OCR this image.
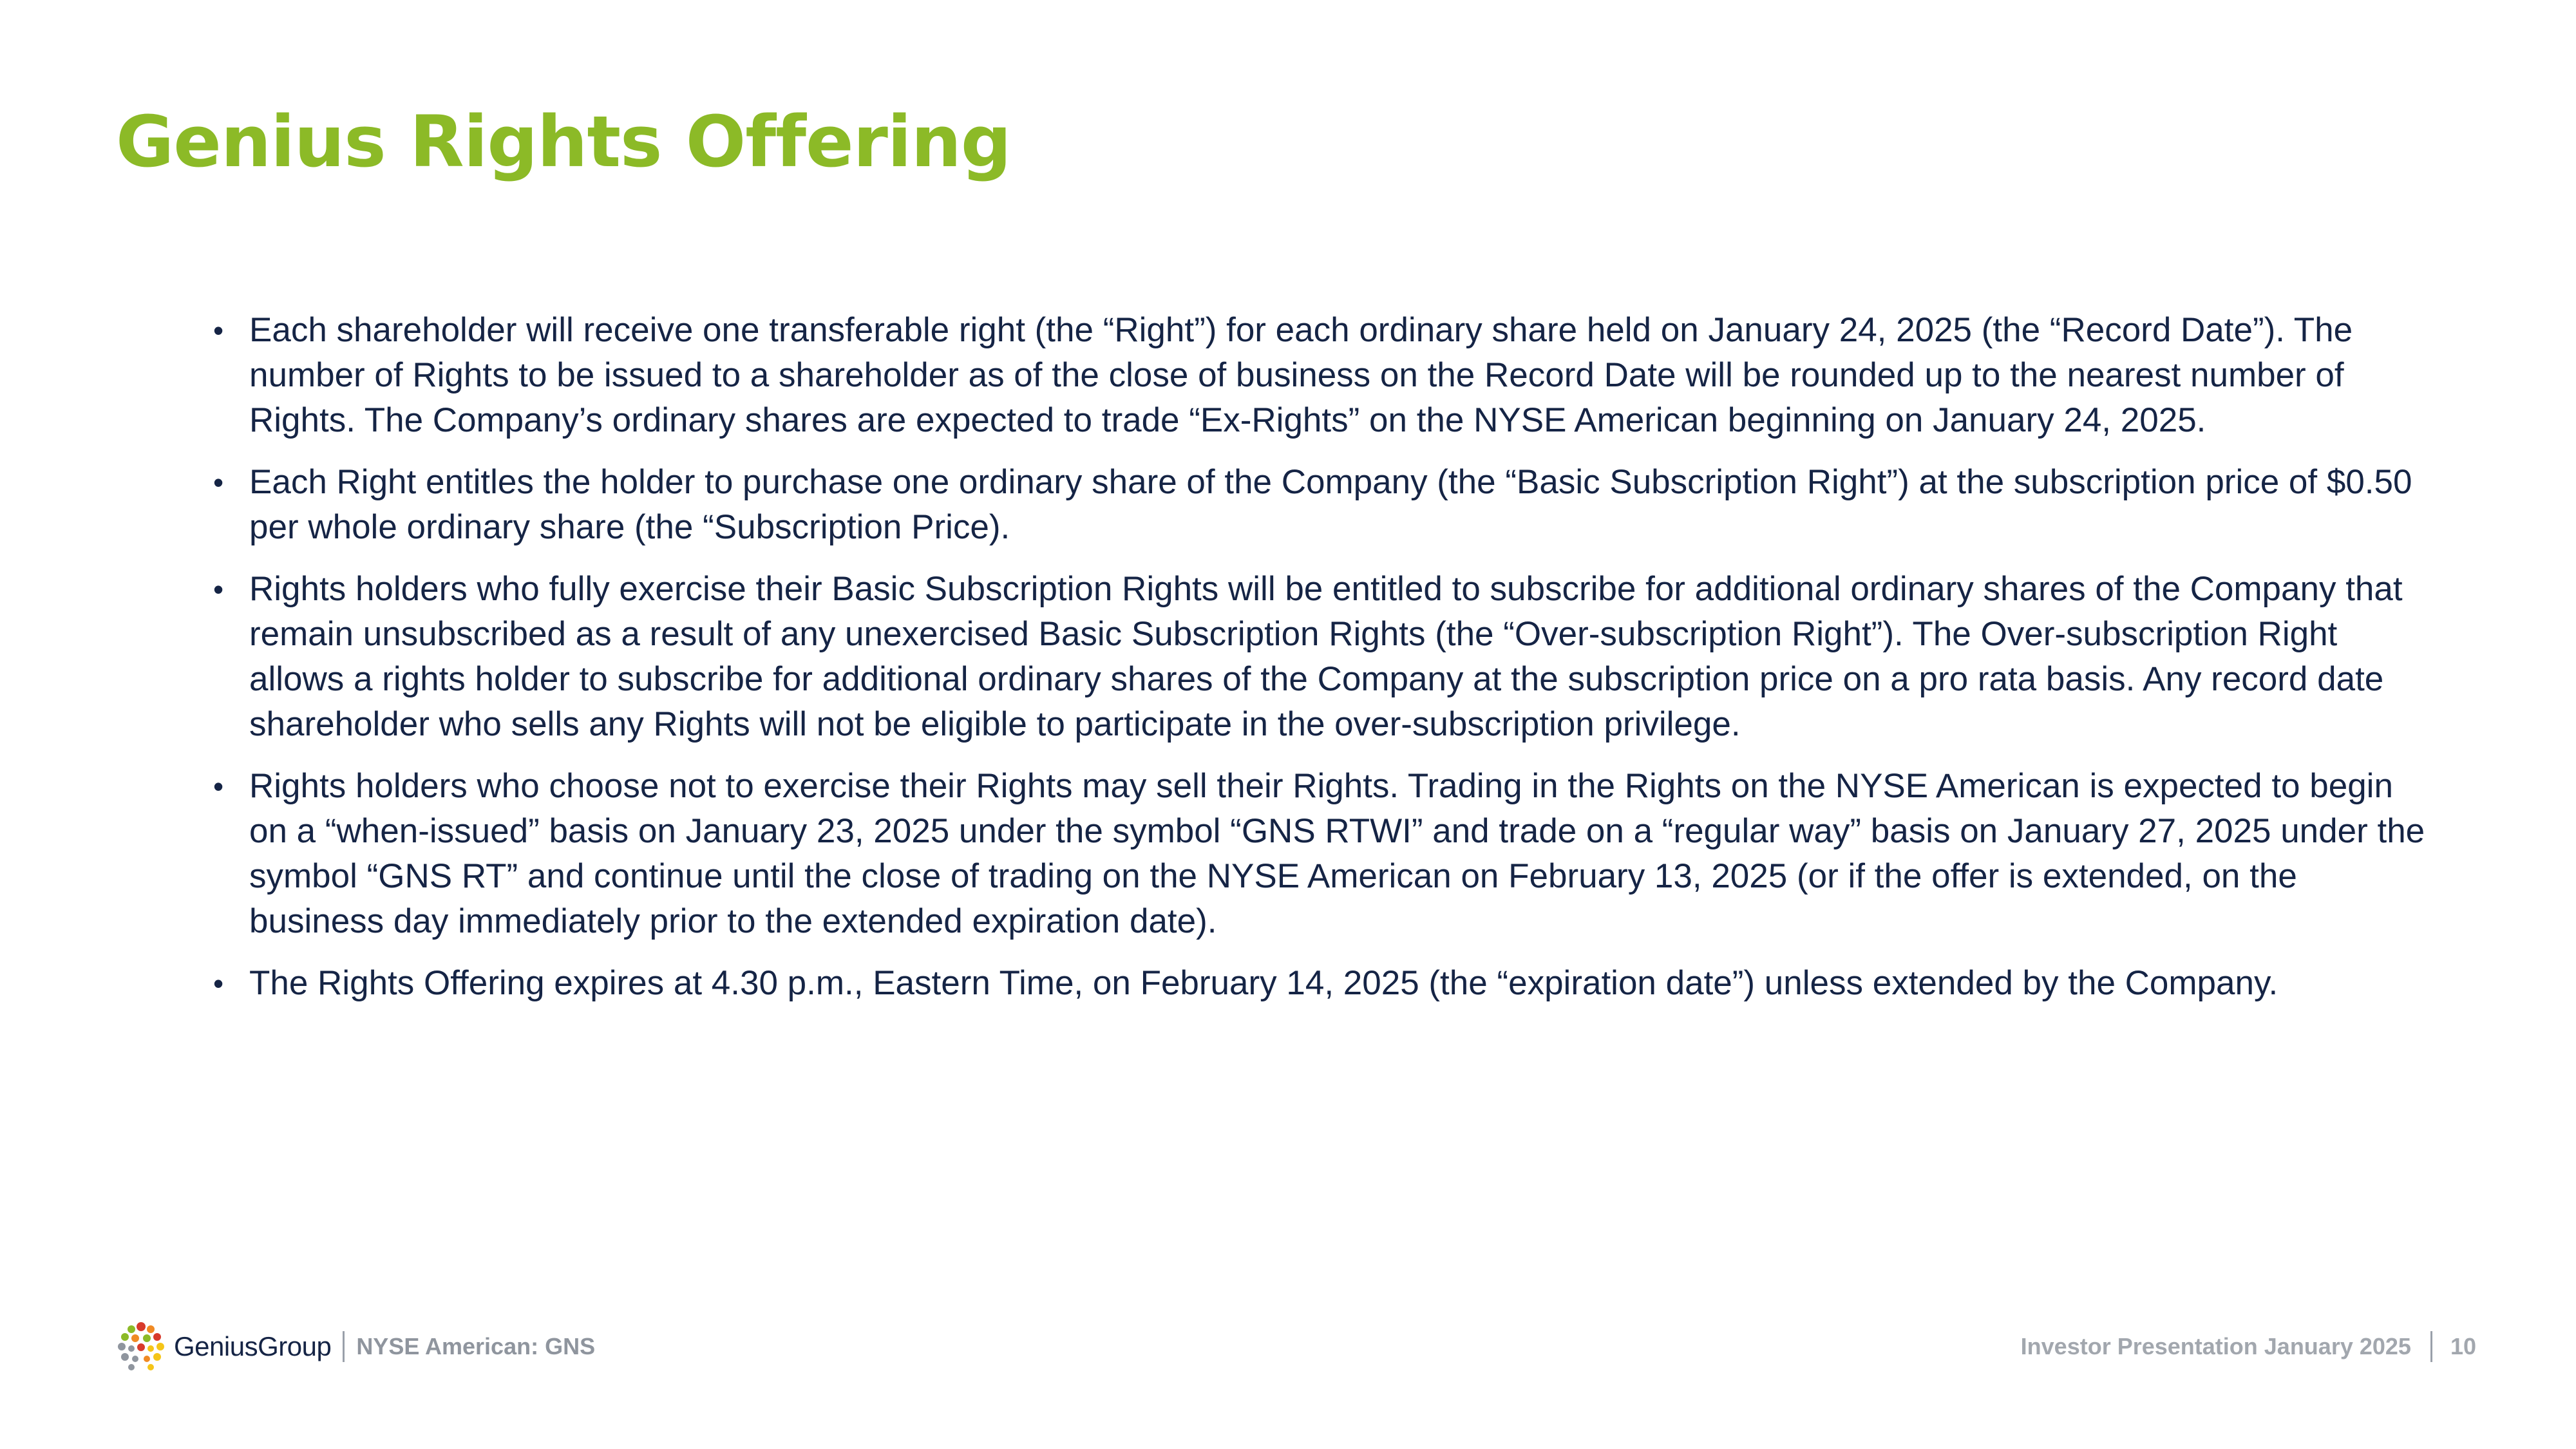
Genius Rights Offering
• Each shareholder will receive one transferable right (the “Right”) for each ordinary share held on January 24, 2025 (the “Record Date”). The number of Rights to be issued to a shareholder as of the close of business on the Record Date will be rounded up to the nearest number of Rights. The Company’s ordinary shares are expected to trade “Ex-Rights” on the NYSE American beginning on January 24, 2025.
• Each Right entitles the holder to purchase one ordinary share of the Company (the “Basic Subscription Right”) at the subscription price of $0.50 per whole ordinary share (the “Subscription Price).
• Rights holders who fully exercise their Basic Subscription Rights will be entitled to subscribe for additional ordinary shares of the Company that remain unsubscribed as a result of any unexercised Basic Subscription Rights (the “Over-subscription Right”). The Over-subscription Right allows a rights holder to subscribe for additional ordinary shares of the Company at the subscription price on a pro rata basis. Any record date shareholder who sells any Rights will not be eligible to participate in the over-subscription privilege.
• Rights holders who choose not to exercise their Rights may sell their Rights. Trading in the Rights on the NYSE American is expected to begin on a “when-issued” basis on January 23, 2025 under the symbol “GNS RTWI” and trade on a “regular way” basis on January 27, 2025 under the symbol “GNS RT” and continue until the close of trading on the NYSE American on February 13, 2025 (or if the offer is extended, on the business day immediately prior to the extended expiration date).
• The Rights Offering expires at 4.30 p.m., Eastern Time, on February 14, 2025 (the “expiration date”) unless extended by the Company.
GeniusGroup NYSE American: GNS	Investor Presentation January 2025 10
